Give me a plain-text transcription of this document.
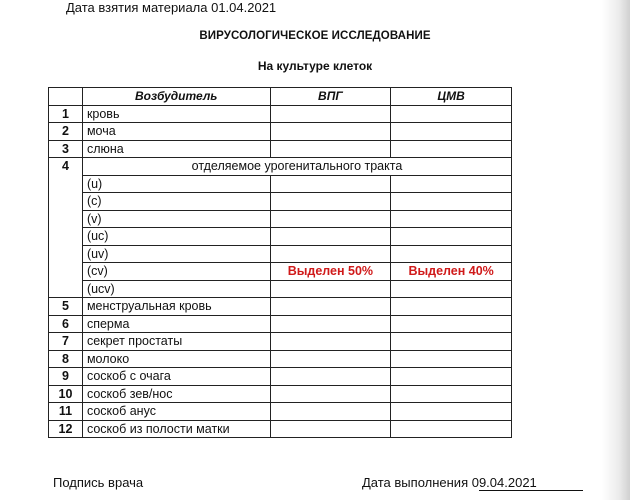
Дата взятия материала 01.04.2021
ВИРУСОЛОГИЧЕСКОЕ ИССЛЕДОВАНИЕ
На культуре клеток
	Возбудитель	ВПГ	ЦМВ
1	кровь		
2	моча		
3	слюна		
4	отделяемое урогенитального тракта		
	(u)		
	(c)		
	(v)		
	(uc)		
	(uv)		
	(cv)	Выделен 50%	Выделен 40%
	(ucv)		
5	менструальная кровь		
6	сперма		
7	секрет простаты		
8	молоко		
9	соскоб с очага		
10	соскоб зев/нос		
11	соскоб анус		
12	соскоб из полости матки		
Подпись врача	Дата выполнения 09.04.2021
